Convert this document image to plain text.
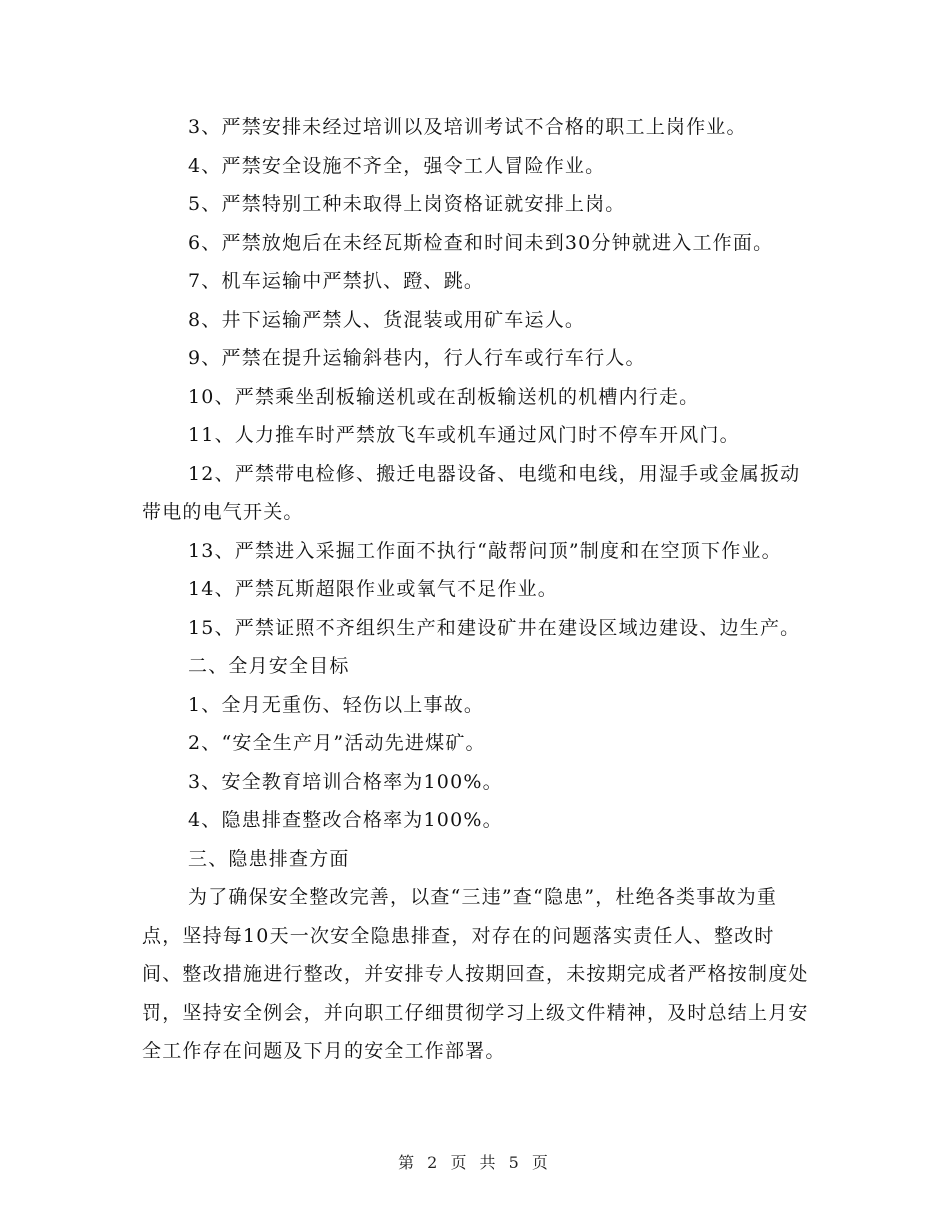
3、严禁安排未经过培训以及培训考试不合格的职工上岗作业。

4、严禁安全设施不齐全，强令工人冒险作业。

5、严禁特别工种未取得上岗资格证就安排上岗。

6、严禁放炮后在未经瓦斯检查和时间未到30分钟就进入工作面。

7、机车运输中严禁扒、蹬、跳。

8、井下运输严禁人、货混装或用矿车运人。

9、严禁在提升运输斜巷内，行人行车或行车行人。

10、严禁乘坐刮板输送机或在刮板输送机的机槽内行走。

11、人力推车时严禁放飞车或机车通过风门时不停车开风门。

12、严禁带电检修、搬迁电器设备、电缆和电线，用湿手或金属扳动带电的电气开关。

13、严禁进入采掘工作面不执行“敲帮问顶”制度和在空顶下作业。

14、严禁瓦斯超限作业或氧气不足作业。

15、严禁证照不齐组织生产和建设矿井在建设区域边建设、边生产。

二、全月安全目标

1、全月无重伤、轻伤以上事故。

2、“安全生产月”活动先进煤矿。

3、安全教育培训合格率为100%。

4、隐患排查整改合格率为100%。

三、隐患排查方面

为了确保安全整改完善，以查“三违”查“隐患”，杜绝各类事故为重点，坚持每10天一次安全隐患排查，对存在的问题落实责任人、整改时间、整改措施进行整改，并安排专人按期回查，未按期完成者严格按制度处罚，坚持安全例会，并向职工仔细贯彻学习上级文件精神，及时总结上月安全工作存在问题及下月的安全工作部署。

第 2 页 共 5 页
